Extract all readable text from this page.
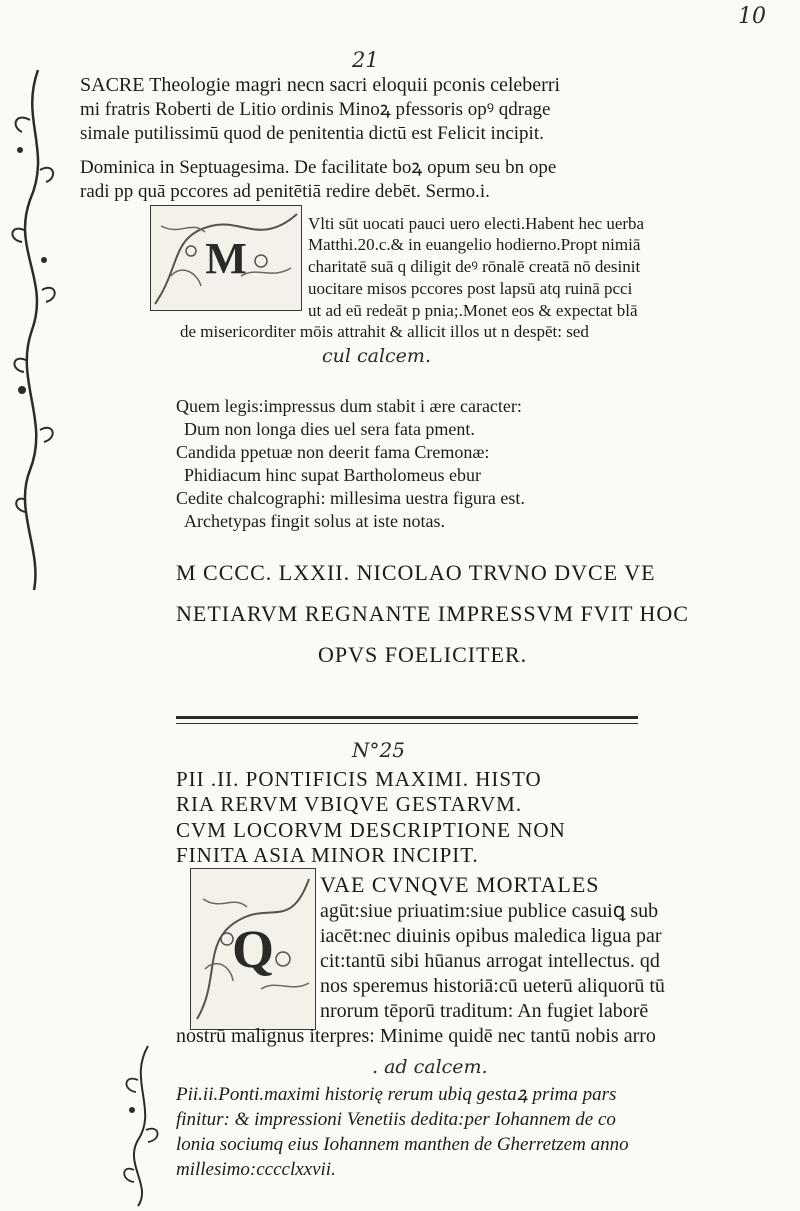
10
21
SACRE Theologie magri necn sacri eloquii pconis celeberri
mi fratris Roberti de Litio ordinis Minoꝝ pfessoris opꝰ qdrage
simale putilissimū quod de penitentia dictū est Felicit incipit.
Dominica in Septuagesima. De facilitate boꝝ opum seu bn ope
radi pp quā pccores ad penitētiā redire debēt. Sermo.i.
M
Vlti sūt uocati pauci uero electi.Habent hec uerba
Matthi.20.c.& in euangelio hodierno.Propt nimiā
charitatē suā q diligit deꝰ rōnalē creatā nō desinit
uocitare misos pccores post lapsū atq ruinā pcci
ut ad eū redeāt p pnia;.Monet eos & expectat blā
de misericorditer mōis attrahit & allicit illos ut n despēt: sed
cul calcem.
Quem legis:impressus dum stabit i ære caracter:
Dum non longa dies uel sera fata pment.
Candida ppetuæ non deerit fama Cremonæ:
Phidiacum hinc supat Bartholomeus ebur
Cedite chalcographi: millesima uestra figura est.
Archetypas fingit solus at iste notas.
M CCCC. LXXII. NICOLAO TRVNO DVCE VE
NETIARVM REGNANTE IMPRESSVM FVIT HOC
OPVS FOELICITER.
N°25
PII .II. PONTIFICIS MAXIMI. HISTO
RIA RERVM VBIQVE GESTARVM.
CVM LOCORVM DESCRIPTIONE NON
FINITA ASIA MINOR INCIPIT.
Q
VAE CVNQVE MORTALES
agūt:siue priuatim:siue publice casuiꝗ sub
iacēt:nec diuinis opibus maledica ligua par
cit:tantū sibi hūanus arrogat intellectus. qd
nos speremus historiā:cū ueterū aliquorū tū
nrorum tēporū traditum: An fugiet laborē
nostrū malignus iterpres: Minime quidē nec tantū nobis arro
. ad calcem.
Pii.ii.Ponti.maximi historię rerum ubiq gestaꝝ prima pars
finitur: & impressioni Venetiis dedita:per Iohannem de co
lonia sociumq eius Iohannem manthen de Gherretzem anno
millesimo:cccclxxvii.
